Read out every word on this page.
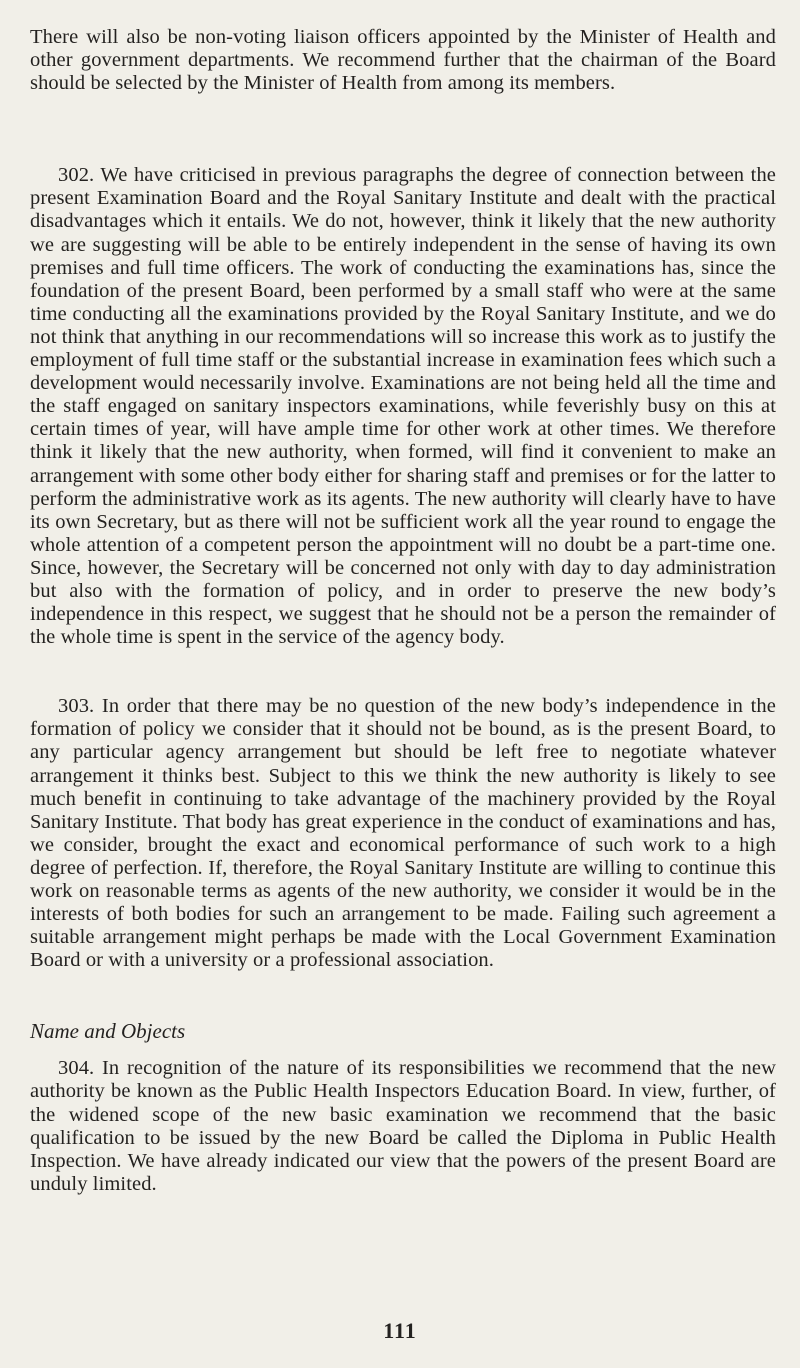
There will also be non-voting liaison officers appointed by the Minister of Health and other government departments. We recommend further that the chairman of the Board should be selected by the Minister of Health from among its members.

302. We have criticised in previous paragraphs the degree of connection between the present Examination Board and the Royal Sanitary Institute and dealt with the practical disadvantages which it entails. We do not, however, think it likely that the new authority we are suggesting will be able to be entirely independent in the sense of having its own premises and full time officers. The work of conducting the examinations has, since the foundation of the present Board, been performed by a small staff who were at the same time conducting all the examinations provided by the Royal Sanitary Institute, and we do not think that anything in our recommendations will so increase this work as to justify the employment of full time staff or the substantial increase in examination fees which such a development would necessarily involve. Examinations are not being held all the time and the staff engaged on sanitary inspectors examinations, while feverishly busy on this at certain times of year, will have ample time for other work at other times. We therefore think it likely that the new authority, when formed, will find it convenient to make an arrangement with some other body either for sharing staff and premises or for the latter to perform the administrative work as its agents. The new authority will clearly have to have its own Secretary, but as there will not be sufficient work all the year round to engage the whole attention of a competent person the appointment will no doubt be a part-time one. Since, however, the Secretary will be concerned not only with day to day administration but also with the formation of policy, and in order to preserve the new body’s independence in this respect, we suggest that he should not be a person the remainder of the whole time is spent in the service of the agency body.

303. In order that there may be no question of the new body’s independence in the formation of policy we consider that it should not be bound, as is the present Board, to any particular agency arrangement but should be left free to negotiate whatever arrangement it thinks best. Subject to this we think the new authority is likely to see much benefit in continuing to take advantage of the machinery provided by the Royal Sanitary Institute. That body has great experience in the conduct of examinations and has, we consider, brought the exact and economical performance of such work to a high degree of perfection. If, therefore, the Royal Sanitary Institute are willing to continue this work on reasonable terms as agents of the new authority, we consider it would be in the interests of both bodies for such an arrangement to be made. Failing such agreement a suitable arrangement might perhaps be made with the Local Government Examination Board or with a university or a professional association.

Name and Objects

304. In recognition of the nature of its responsibilities we recommend that the new authority be known as the Public Health Inspectors Education Board. In view, further, of the widened scope of the new basic examination we recommend that the basic qualification to be issued by the new Board be called the Diploma in Public Health Inspection. We have already indicated our view that the powers of the present Board are unduly limited.

111
